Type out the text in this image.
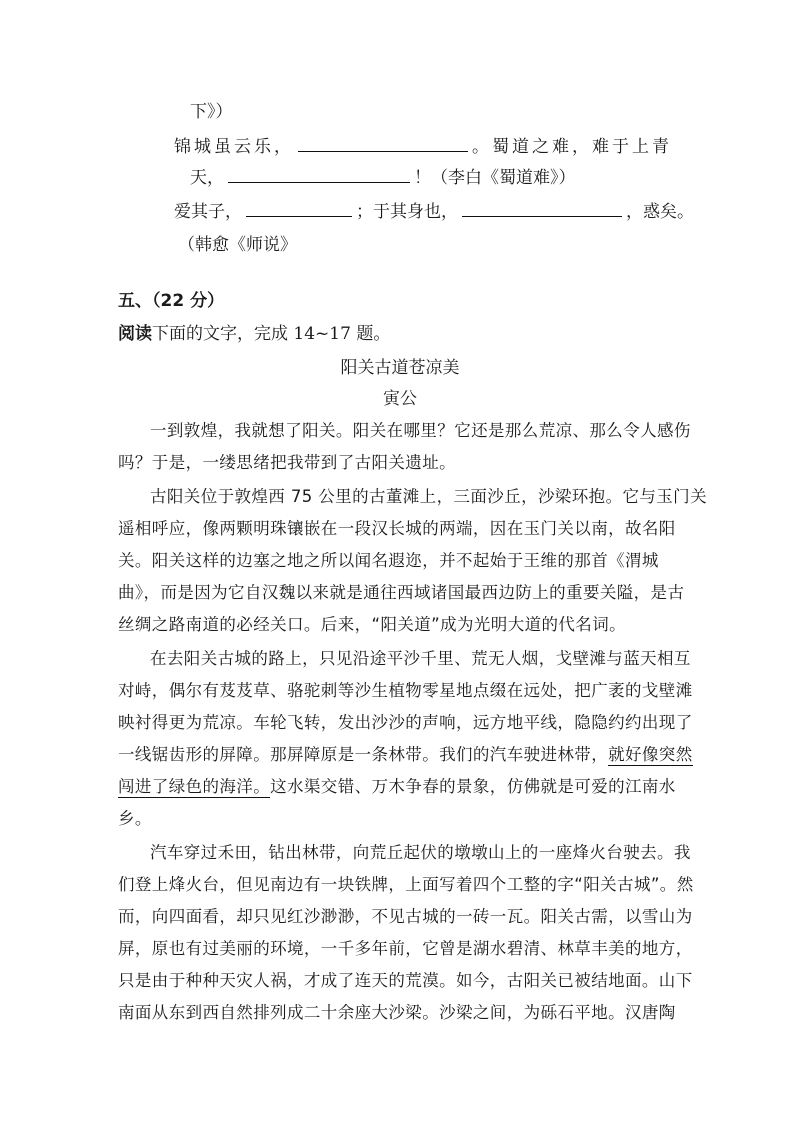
下》）
锦城虽云乐，	。蜀道之难，难于上青
天，	！（李白《蜀道难》）
爱其子，	；于其身也，	，惑矣。
（韩愈《师说》
五、（22 分）
阅读下面的文字，完成 14~17 题。
阳关古道苍凉美
寅公
一到敦煌，我就想了阳关。阳关在哪里？它还是那么荒凉、那么令人感伤
吗？于是，一缕思绪把我带到了古阳关遗址。
古阳关位于敦煌西 75 公里的古董滩上，三面沙丘，沙梁环抱。它与玉门关
遥相呼应，像两颗明珠镶嵌在一段汉长城的两端，因在玉门关以南，故名阳
关。阳关这样的边塞之地之所以闻名遐迩，并不起始于王维的那首《渭城
曲》，而是因为它自汉魏以来就是通往西域诸国最西边防上的重要关隘，是古
丝绸之路南道的必经关口。后来，“阳关道”成为光明大道的代名词。
在去阳关古城的路上，只见沿途平沙千里、荒无人烟，戈壁滩与蓝天相互
对峙，偶尔有芨芨草、骆驼刺等沙生植物零星地点缀在远处，把广袤的戈壁滩
映衬得更为荒凉。车轮飞转，发出沙沙的声响，远方地平线，隐隐约约出现了
一线锯齿形的屏障。那屏障原是一条林带。我们的汽车驶进林带，就好像突然
闯进了绿色的海洋。这水渠交错、万木争春的景象，仿佛就是可爱的江南水
乡。
汽车穿过禾田，钻出林带，向荒丘起伏的墩墩山上的一座烽火台驶去。我
们登上烽火台，但见南边有一块铁牌，上面写着四个工整的字“阳关古城”。然
而，向四面看，却只见红沙渺渺，不见古城的一砖一瓦。阳关古需，以雪山为
屏，原也有过美丽的环境，一千多年前，它曾是湖水碧清、林草丰美的地方，
只是由于种种天灾人祸，才成了连天的荒漠。如今，古阳关已被结地面。山下
南面从东到西自然排列成二十余座大沙梁。沙梁之间，为砾石平地。汉唐陶
